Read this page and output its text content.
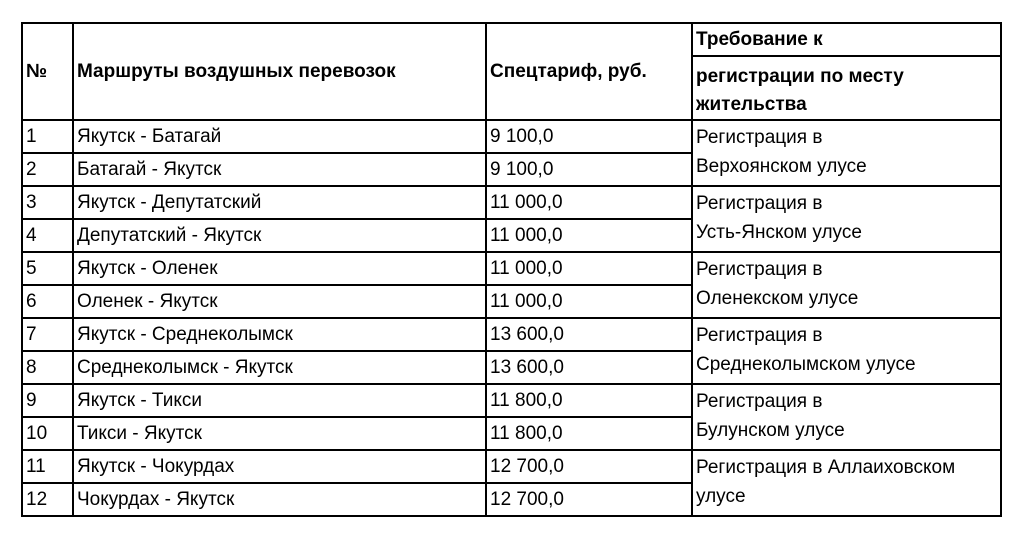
№	Маршруты воздушных перевозок	Спецтариф, руб.	Требование к
			регистрации по месту
жительства
1	Якутск - Батагай	9 100,0	Регистрация в
Верхоянском улусе

2	Батагай - Якутск	9 100,0	
3	Якутск - Депутатский	11 000,0	Регистрация в
Усть-Янском улусе

4	Депутатский - Якутск	11 000,0	
5	Якутск - Оленек	11 000,0	Регистрация в
Оленекском улусе

6	Оленек - Якутск	11 000,0	
7	Якутск - Среднеколымск	13 600,0	Регистрация в
Среднеколымском улусе

8	Среднеколымск - Якутск	13 600,0	
9	Якутск - Тикси	11 800,0	Регистрация в
Булунском улусе

10	Тикси - Якутск	11 800,0	
11	Якутск - Чокурдах	12 700,0	Регистрация в Аллаиховском
улусе

12	Чокурдах - Якутск	12 700,0	
